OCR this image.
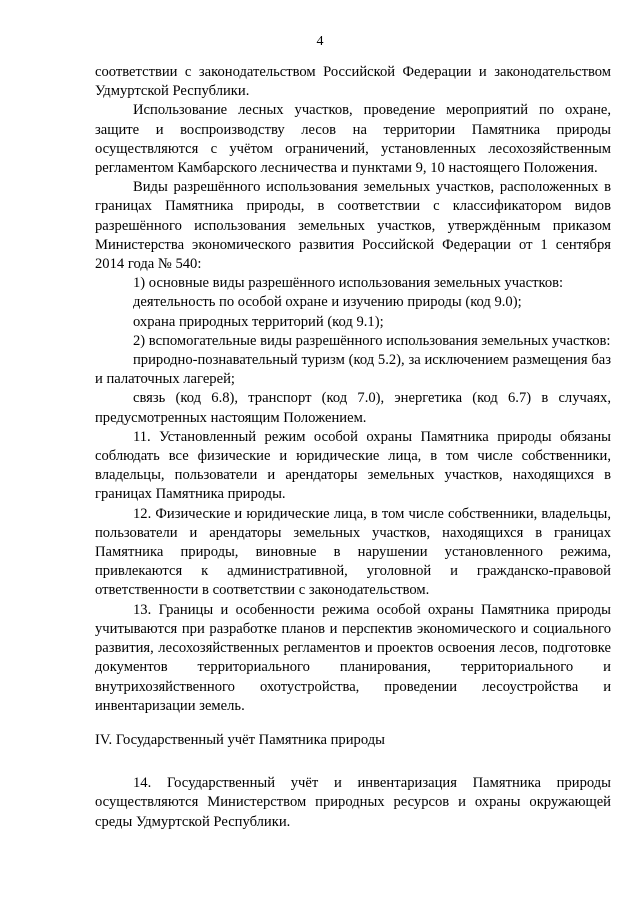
4

соответствии с законодательством Российской Федерации и законодательством Удмуртской Республики.

Использование лесных участков, проведение мероприятий по охране, защите и воспроизводству лесов на территории Памятника природы осуществляются с учётом ограничений, установленных лесохозяйственным регламентом Камбарского лесничества и пунктами 9, 10 настоящего Положения.

Виды разрешённого использования земельных участков, расположенных в границах Памятника природы, в соответствии с классификатором видов разрешённого использования земельных участков, утверждённым приказом Министерства экономического развития Российской Федерации от 1 сентября 2014 года № 540:

1) основные виды разрешённого использования земельных участков:

деятельность по особой охране и изучению природы (код 9.0);

охрана природных территорий (код 9.1);

2) вспомогательные виды разрешённого использования земельных участков:

природно-познавательный туризм (код 5.2), за исключением размещения баз и палаточных лагерей;

связь (код 6.8), транспорт (код 7.0), энергетика (код 6.7) в случаях, предусмотренных настоящим Положением.

11. Установленный режим особой охраны Памятника природы обязаны соблюдать все физические и юридические лица, в том числе собственники, владельцы, пользователи и арендаторы земельных участков, находящихся в границах Памятника природы.

12. Физические и юридические лица, в том числе собственники, владельцы, пользователи и арендаторы земельных участков, находящихся в границах Памятника природы, виновные в нарушении установленного режима, привлекаются к административной, уголовной и гражданско-правовой ответственности в соответствии с законодательством.

13. Границы и особенности режима особой охраны Памятника природы учитываются при разработке планов и перспектив экономического и социального развития, лесохозяйственных регламентов и проектов освоения лесов, подготовке документов территориального планирования, территориального и внутрихозяйственного охотустройства, проведении лесоустройства и инвентаризации земель.

IV. Государственный учёт Памятника природы

14. Государственный учёт и инвентаризация Памятника природы осуществляются Министерством природных ресурсов и охраны окружающей среды Удмуртской Республики.
